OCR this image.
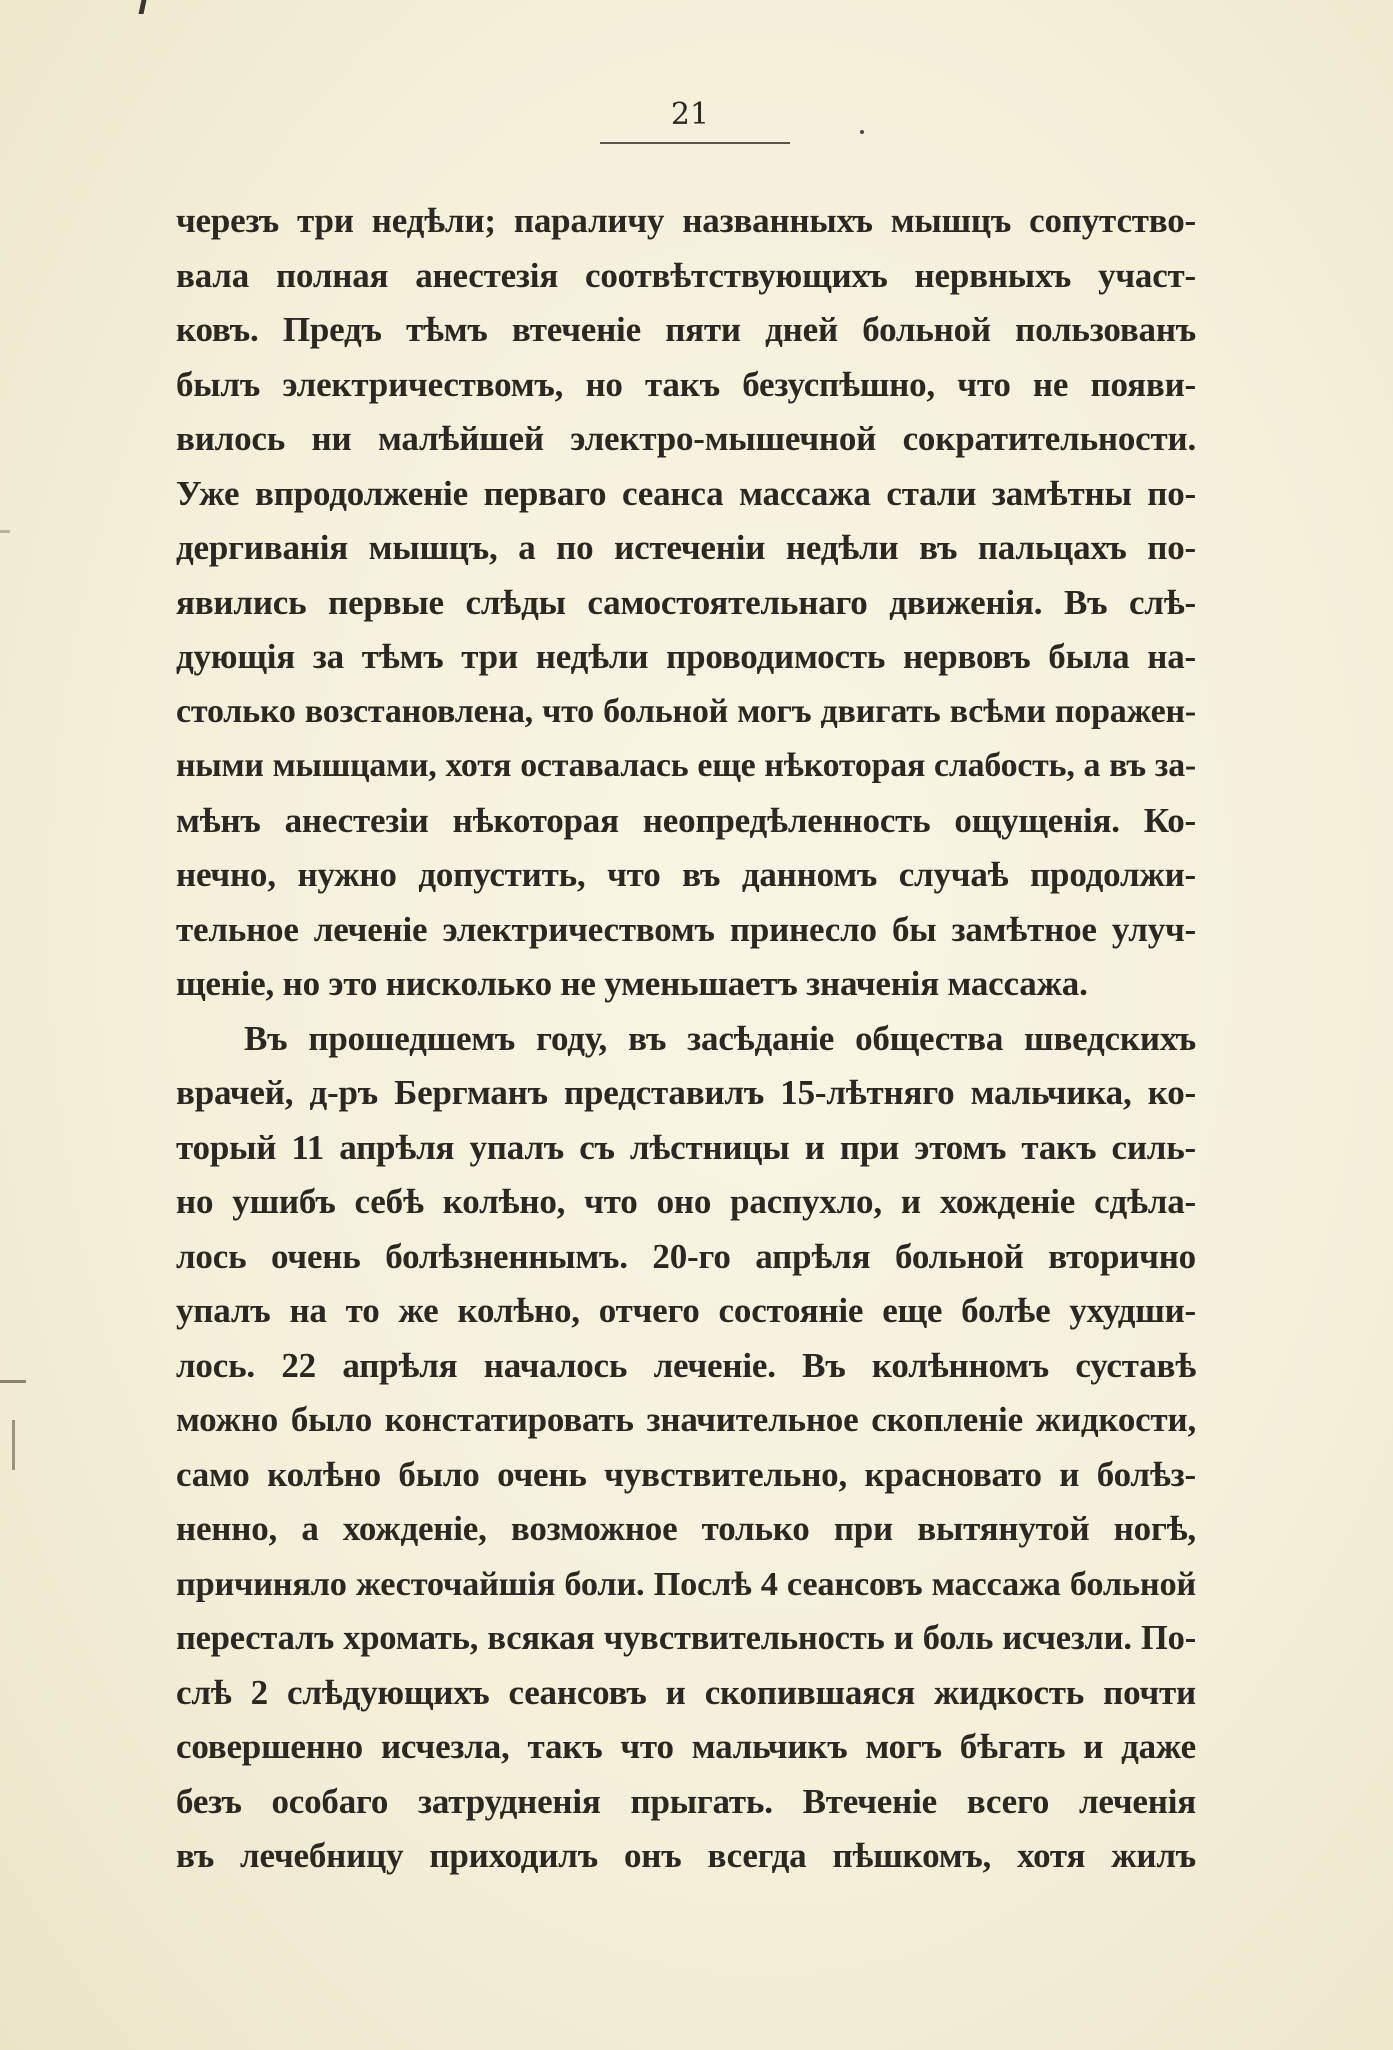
21
черезъ три недѣли; параличу названныхъ мышцъ сопутство-
вала полная анестезія соотвѣтствующихъ нервныхъ участ-
ковъ. Предъ тѣмъ втеченіе пяти дней больной пользованъ
былъ электричествомъ, но такъ безуспѣшно, что не появи-
вилось ни малѣйшей электро-мышечной сократительности.
Уже впродолженіе перваго сеанса массажа стали замѣтны по-
дергиванія мышцъ, а по истеченіи недѣли въ пальцахъ по-
явились первые слѣды самостоятельнаго движенія. Въ слѣ-
дующія за тѣмъ три недѣли проводимость нервовъ была на-
столько возстановлена, что больной могъ двигать всѣми поражен-
ными мышцами, хотя оставалась еще нѣкоторая слабость, а въ за-
мѣнъ анестезіи нѣкоторая неопредѣленность ощущенія. Ко-
нечно, нужно допустить, что въ данномъ случаѣ продолжи-
тельное леченіе электричествомъ принесло бы замѣтное улуч-
щеніе, но это нисколько не уменьшаетъ значенія массажа.
Въ прошедшемъ году, въ засѣданіе общества шведскихъ
врачей, д-ръ Бергманъ представилъ 15-лѣтняго мальчика, ко-
торый 11 апрѣля упалъ съ лѣстницы и при этомъ такъ силь-
но ушибъ себѣ колѣно, что оно распухло, и хожденіе сдѣла-
лось очень болѣзненнымъ. 20-го апрѣля больной вторично
упалъ на то же колѣно, отчего состояніе еще болѣе ухудши-
лось. 22 апрѣля началось леченіе. Въ колѣнномъ суставѣ
можно было констатировать значительное скопленіе жидкости,
само колѣно было очень чувствительно, красновато и болѣз-
ненно, а хожденіе, возможное только при вытянутой ногѣ,
причиняло жесточайшія боли. Послѣ 4 сеансовъ массажа больной
пересталъ хромать, всякая чувствительность и боль исчезли. По-
слѣ 2 слѣдующихъ сеансовъ и скопившаяся жидкость почти
совершенно исчезла, такъ что мальчикъ могъ бѣгать и даже
безъ особаго затрудненія прыгать. Втеченіе всего леченія
въ лечебницу приходилъ онъ всегда пѣшкомъ, хотя жилъ
